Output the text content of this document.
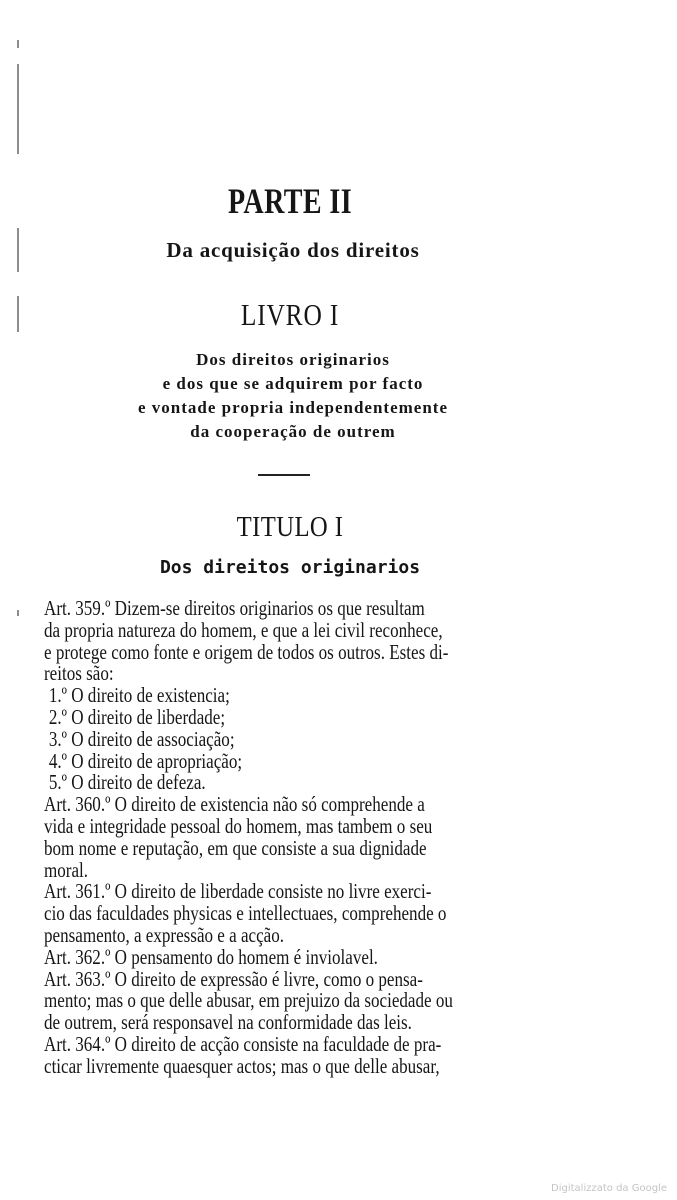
PARTE II
Da acquisição dos direitos
LIVRO I
Dos direitos originarios
e dos que se adquirem por facto
e vontade propria independentemente
da cooperação de outrem
TITULO I
Dos direitos originarios
Art. 359.º Dizem-se direitos originarios os que resultam
da propria natureza do homem, e que a lei civil reconhece,
e protege como fonte e origem de todos os outros. Estes di-
reitos são:
1.º O direito de existencia;
2.º O direito de liberdade;
3.º O direito de associação;
4.º O direito de apropriação;
5.º O direito de defeza.
Art. 360.º O direito de existencia não só comprehende a
vida e integridade pessoal do homem, mas tambem o seu
bom nome e reputação, em que consiste a sua dignidade
moral.
Art. 361.º O direito de liberdade consiste no livre exerci-
cio das faculdades physicas e intellectuaes, comprehende o
pensamento, a expressão e a acção.
Art. 362.º O pensamento do homem é inviolavel.
Art. 363.º O direito de expressão é livre, como o pensa-
mento; mas o que delle abusar, em prejuizo da sociedade ou
de outrem, será responsavel na conformidade das leis.
Art. 364.º O direito de acção consiste na faculdade de pra-
cticar livremente quaesquer actos; mas o que delle abusar,
Digitalizzato da Google
